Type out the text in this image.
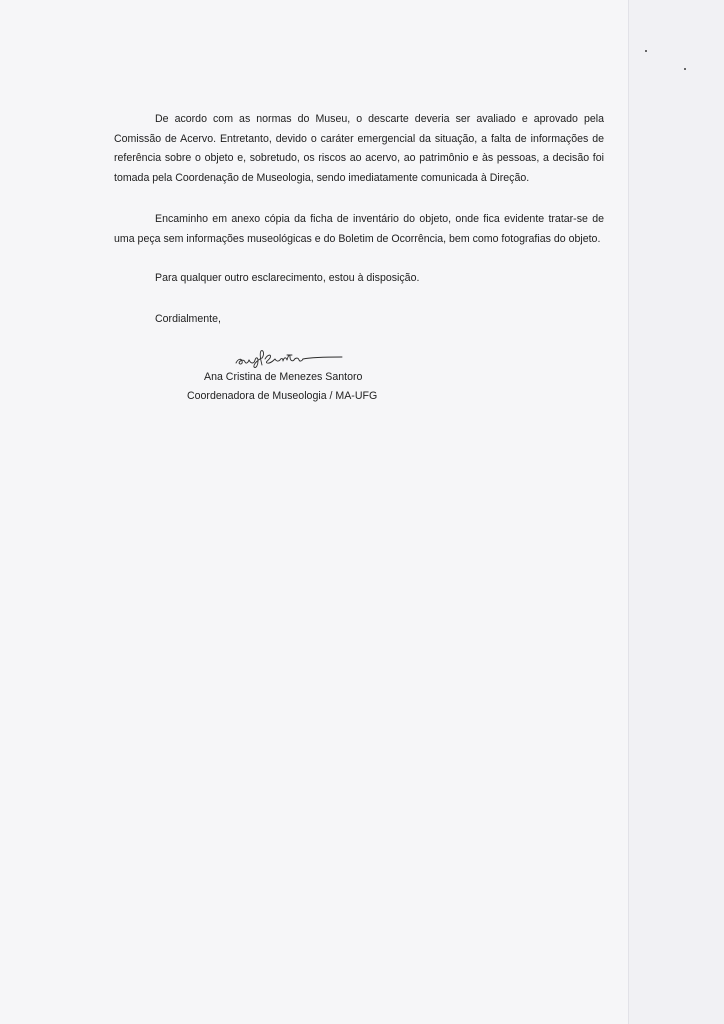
De acordo com as normas do Museu, o descarte deveria ser avaliado e aprovado pela Comissão de Acervo. Entretanto, devido o caráter emergencial da situação, a falta de informações de referência sobre o objeto e, sobretudo, os riscos ao acervo, ao patrimônio e às pessoas, a decisão foi tomada pela Coordenação de Museologia, sendo imediatamente comunicada à Direção.

Encaminho em anexo cópia da ficha de inventário do objeto, onde fica evidente tratar-se de uma peça sem informações museológicas e do Boletim de Ocorrência, bem como fotografias do objeto.

Para qualquer outro esclarecimento, estou à disposição.

Cordialmente,

Ana Cristina de Menezes Santoro

Coordenadora de Museologia / MA-UFG
